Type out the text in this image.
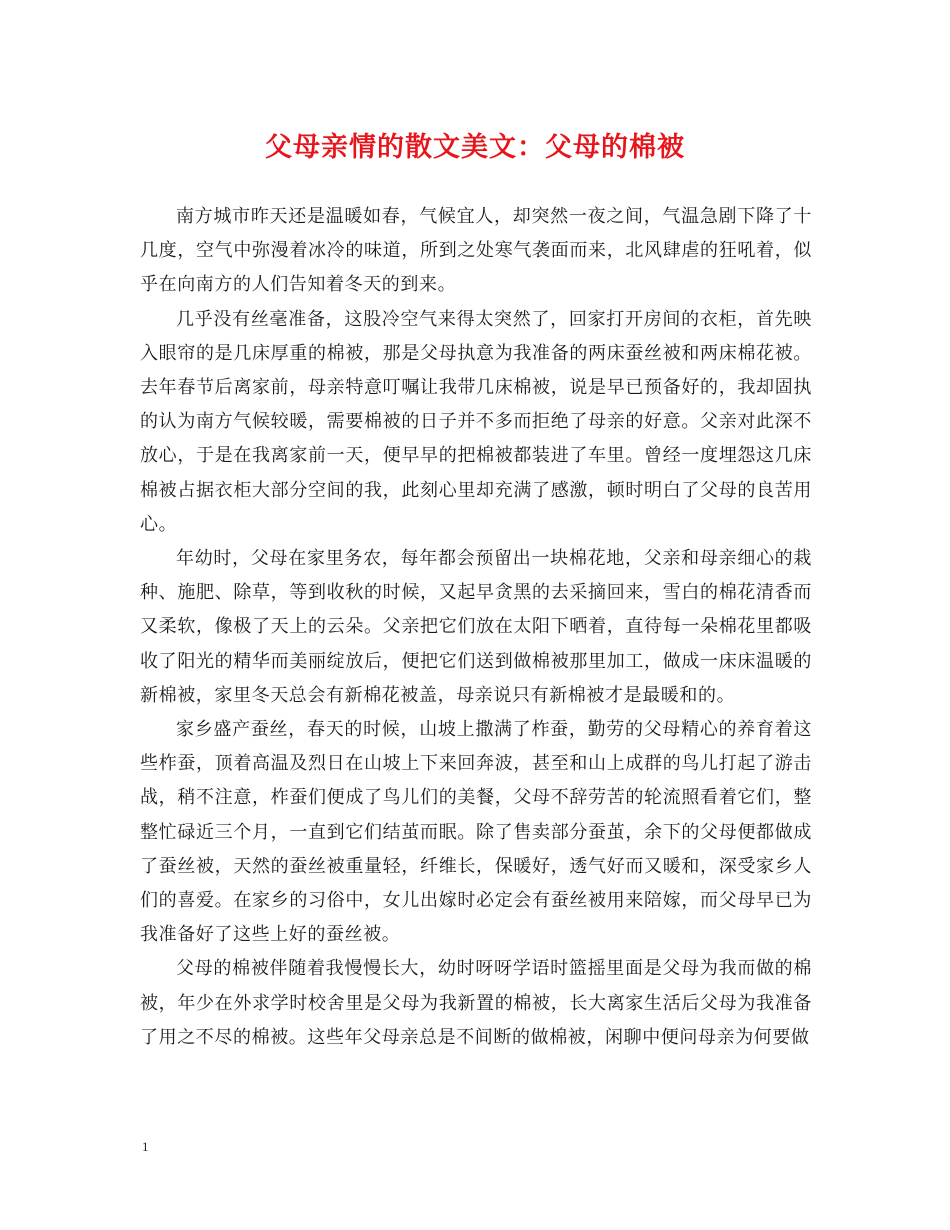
父母亲情的散文美文：父母的棉被

南方城市昨天还是温暖如春，气候宜人，却突然一夜之间，气温急剧下降了十几度，空气中弥漫着冰冷的味道，所到之处寒气袭面而来，北风肆虐的狂吼着，似乎在向南方的人们告知着冬天的到来。

几乎没有丝毫准备，这股冷空气来得太突然了，回家打开房间的衣柜，首先映入眼帘的是几床厚重的棉被，那是父母执意为我准备的两床蚕丝被和两床棉花被。去年春节后离家前，母亲特意叮嘱让我带几床棉被，说是早已预备好的，我却固执的认为南方气候较暖，需要棉被的日子并不多而拒绝了母亲的好意。父亲对此深不放心，于是在我离家前一天，便早早的把棉被都装进了车里。曾经一度埋怨这几床棉被占据衣柜大部分空间的我，此刻心里却充满了感激，顿时明白了父母的良苦用心。

年幼时，父母在家里务农，每年都会预留出一块棉花地，父亲和母亲细心的栽种、施肥、除草，等到收秋的时候，又起早贪黑的去采摘回来，雪白的棉花清香而又柔软，像极了天上的云朵。父亲把它们放在太阳下晒着，直待每一朵棉花里都吸收了阳光的精华而美丽绽放后，便把它们送到做棉被那里加工，做成一床床温暖的新棉被，家里冬天总会有新棉花被盖，母亲说只有新棉被才是最暖和的。

家乡盛产蚕丝，春天的时候，山坡上撒满了柞蚕，勤劳的父母精心的养育着这些柞蚕，顶着高温及烈日在山坡上下来回奔波，甚至和山上成群的鸟儿打起了游击战，稍不注意，柞蚕们便成了鸟儿们的美餐，父母不辞劳苦的轮流照看着它们，整整忙碌近三个月，一直到它们结茧而眠。除了售卖部分蚕茧，余下的父母便都做成了蚕丝被，天然的蚕丝被重量轻，纤维长，保暖好，透气好而又暖和，深受家乡人们的喜爱。在家乡的习俗中，女儿出嫁时必定会有蚕丝被用来陪嫁，而父母早已为我准备好了这些上好的蚕丝被。

父母的棉被伴随着我慢慢长大，幼时呀呀学语时篮摇里面是父母为我而做的棉被，年少在外求学时校舍里是父母为我新置的棉被，长大离家生活后父母为我准备了用之不尽的棉被。这些年父母亲总是不间断的做棉被，闲聊中便问母亲为何要做

1
